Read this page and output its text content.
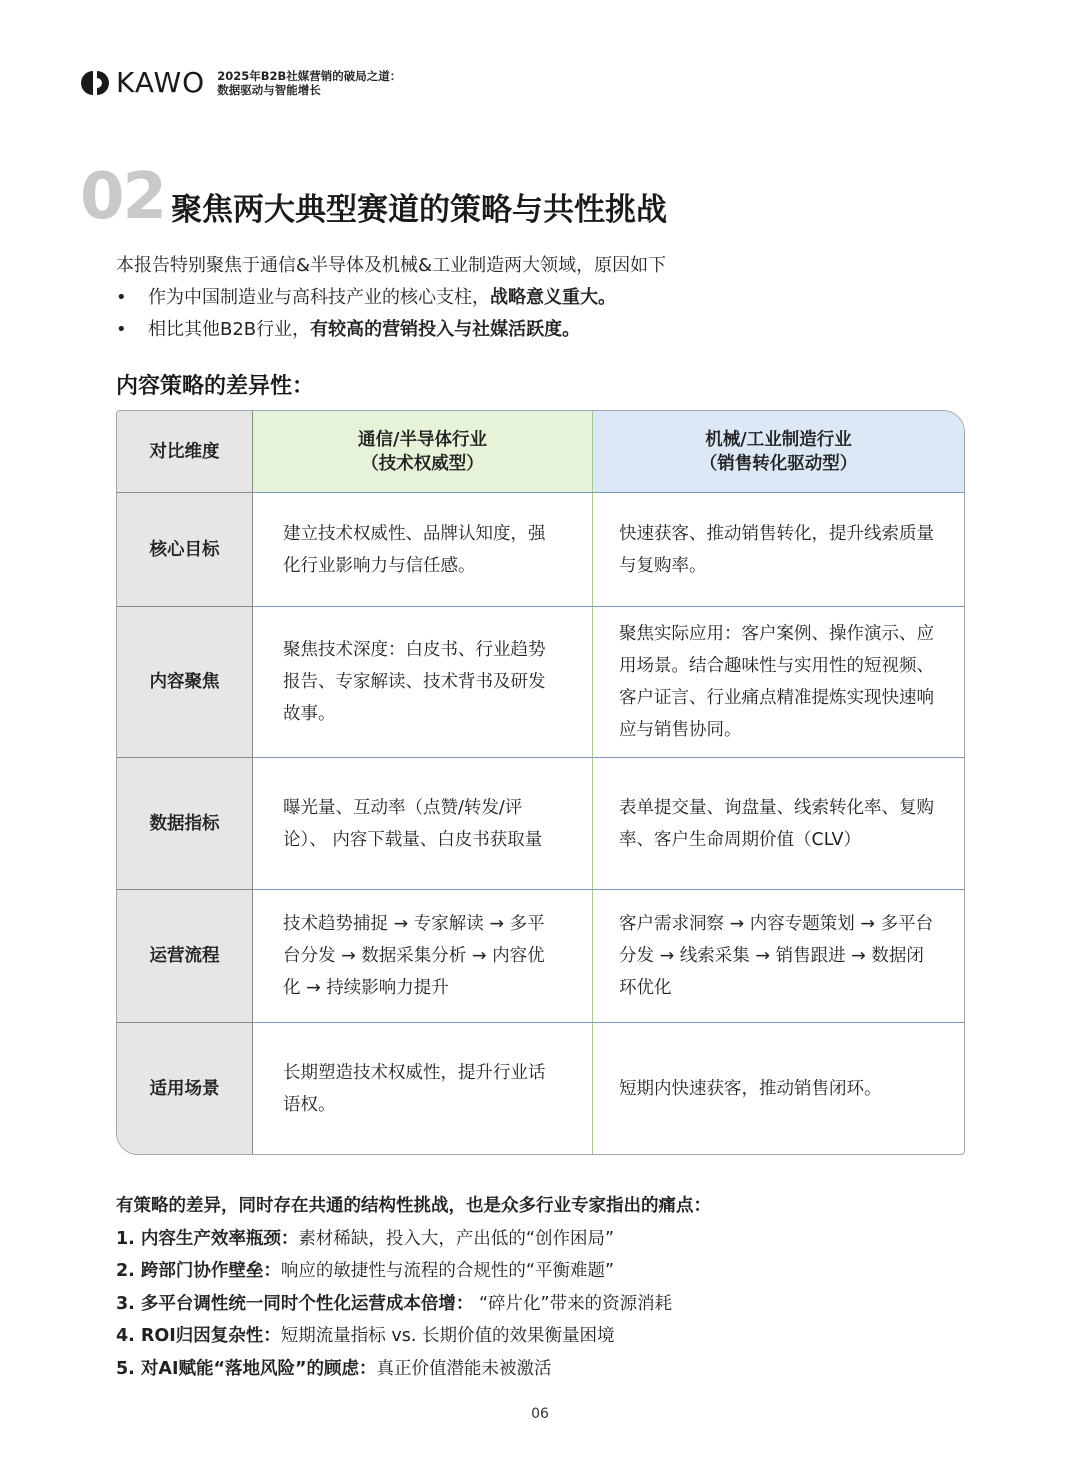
KAWO 2025年B2B社媒营销的破局之道：
数据驱动与智能增长
02 聚焦两大典型赛道的策略与共性挑战
本报告特别聚焦于通信&半导体及机械&工业制造两大领域，原因如下
•	作为中国制造业与高科技产业的核心支柱， 战略意义重大。
•	相比其他B2B行业， 有较高的营销投入与社媒活跃度。
内容策略的差异性：
对比维度
通信/半导体行业
（技术权威型）
机械/工业制造行业
（销售转化驱动型）
核心目标
建立技术权威性、品牌认知度，强化行业影响力与信任感。
快速获客、推动销售转化，提升线索质量与复购率。
内容聚焦
聚焦技术深度：白皮书、行业趋势报告、专家解读、技术背书及研发故事。
聚焦实际应用：客户案例、操作演示、应用场景。结合趣味性与实用性的短视频、客户证言、行业痛点精准提炼实现快速响应与销售协同。
数据指标
曝光量、互动率（点赞/转发/评论）、 内容下载量、白皮书获取量
表单提交量、询盘量、线索转化率、复购率、客户生命周期价值（CLV）
运营流程
技术趋势捕捉 → 专家解读 → 多平台分发 → 数据采集分析 → 内容优化 → 持续影响力提升
客户需求洞察 → 内容专题策划 → 多平台分发 → 线索采集 → 销售跟进 → 数据闭环优化
适用场景
长期塑造技术权威性，提升行业话语权。
短期内快速获客，推动销售闭环。
有策略的差异，同时存在共通的结构性挑战，也是众多行业专家指出的痛点：
1. 内容生产效率瓶颈：素材稀缺，投入大，产出低的“创作困局”
2. 跨部门协作壁垒：响应的敏捷性与流程的合规性的“平衡难题”
3. 多平台调性统一同时个性化运营成本倍增： “碎片化”带来的资源消耗
4. ROI归因复杂性：短期流量指标 vs. 长期价值的效果衡量困境
5. 对AI赋能“落地风险”的顾虑：真正价值潜能未被激活
06
